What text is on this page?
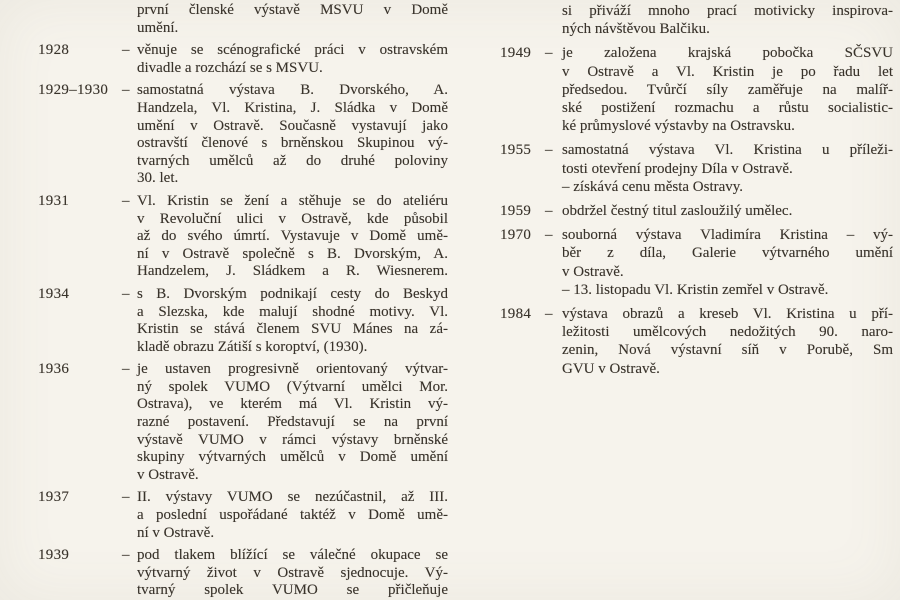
první členské výstavě MSVU v Domě
umění.
1928	– věnuje se scénografické práci v ostravském
divadle a rozchází se s MSVU.
1929–1930 – samostatná výstava B. Dvorského, A.
Handzela, Vl. Kristina, J. Sládka v Domě
umění v Ostravě. Současně vystavují jako
ostravští členové s brněnskou Skupinou vý-
tvarných umělců až do druhé poloviny
30. let.
1931	– Vl. Kristin se žení a stěhuje se do ateliéru
v Revoluční ulici v Ostravě, kde působil
až do svého úmrtí. Vystavuje v Domě umě-
ní v Ostravě společně s B. Dvorským, A.
Handzelem, J. Sládkem a R. Wiesnerem.
1934	– s B. Dvorským podnikají cesty do Beskyd
a Slezska, kde malují shodné motivy. Vl.
Kristin se stává členem SVU Mánes na zá-
kladě obrazu Zátiší s koroptví, (1930).
1936	– je ustaven progresivně orientovaný výtvar-
ný spolek VUMO (Výtvarní umělci Mor.
Ostrava), ve kterém má Vl. Kristin vý-
razné postavení. Představují se na první
výstavě VUMO v rámci výstavy brněnské
skupiny výtvarných umělců v Domě umění
v Ostravě.
1937	– II. výstavy VUMO se nezúčastnil, až III.
a poslední uspořádané taktéž v Domě umě-
ní v Ostravě.
1939	– pod tlakem blížící se válečné okupace se
výtvarný život v Ostravě sjednocuje. Vý-
tvarný spolek VUMO se přičleňuje
si přiváží mnoho prací motivicky inspirova-
ných návštěvou Balčiku.
1949 – je založena krajská pobočka SČSVU
v Ostravě a Vl. Kristin je po řadu let
předsedou. Tvůrčí síly zaměřuje na malíř-
ské postižení rozmachu a růstu socialistic-
ké průmyslové výstavby na Ostravsku.
1955 – samostatná výstava Vl. Kristina u příleži-
tosti otevření prodejny Díla v Ostravě.
– získává cenu města Ostravy.
1959 – obdržel čestný titul zasloužilý umělec.
1970 – souborná výstava Vladimíra Kristina – vý-
běr z díla, Galerie výtvarného umění
v Ostravě.
– 13. listopadu Vl. Kristin zemřel v Ostravě.
1984 – výstava obrazů a kreseb Vl. Kristina u pří-
ležitosti umělcových nedožitých 90. naro-
zenin, Nová výstavní síň v Porubě, Sm
GVU v Ostravě.
